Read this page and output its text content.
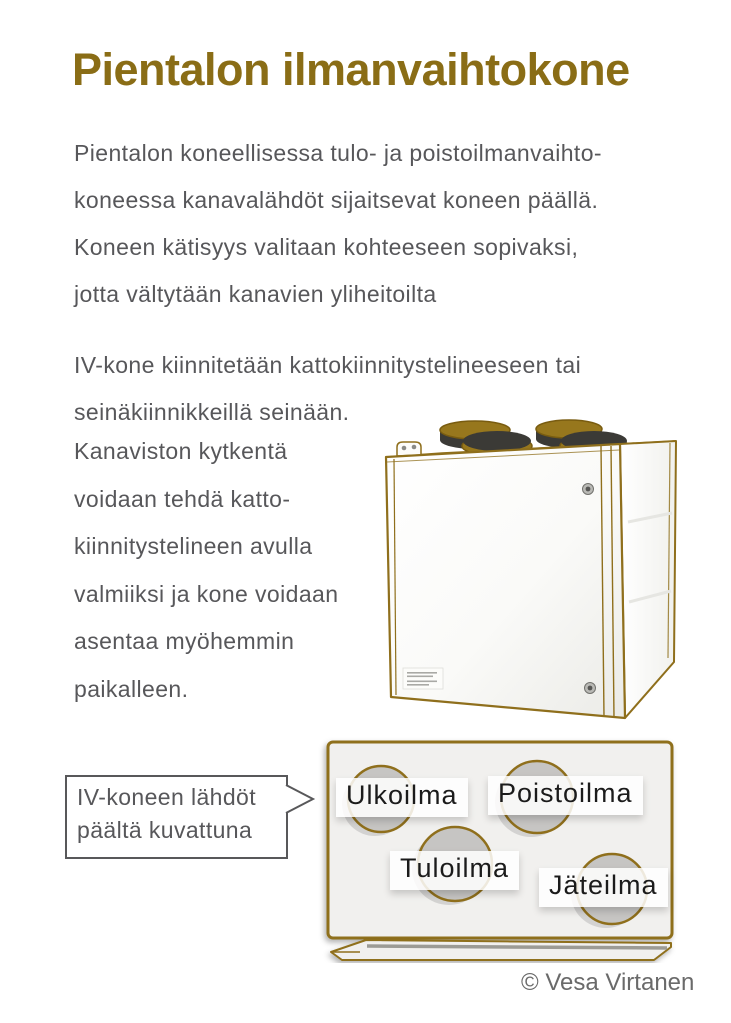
Pientalon ilmanvaihtokone
Pientalon koneellisessa tulo- ja poistoilmanvaihto-
koneessa kanavalähdöt sijaitsevat koneen päällä.
Koneen kätisyys valitaan kohteeseen sopivaksi,
jotta vältytään kanavien yliheitoilta
IV-kone kiinnitetään kattokiinnitystelineeseen tai
seinäkiinnikkeillä seinään.
Kanaviston kytkentä
voidaan tehdä katto-
kiinnitystelineen avulla
valmiiksi ja kone voidaan
asentaa myöhemmin
paikalleen.
Ulkoilma	Poistoilma
Tuloilma
Jäteilma
IV-koneen lähdöt
päältä kuvattuna
© Vesa Virtanen
